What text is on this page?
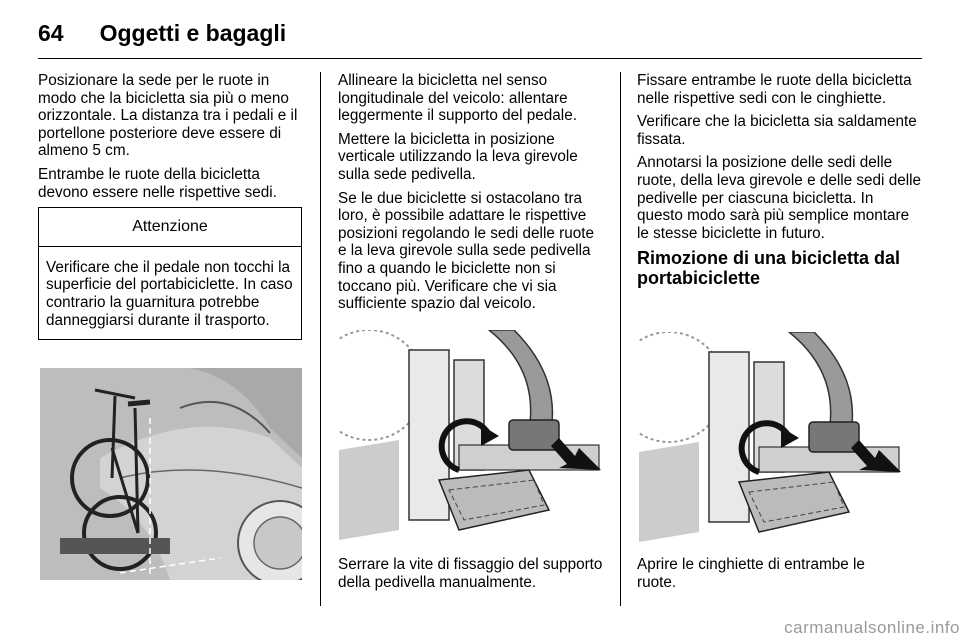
64 Oggetti e bagagli

Posizionare la sede per le ruote in modo che la bicicletta sia più o meno orizzontale. La distanza tra i pedali e il portellone posteriore deve essere di almeno 5 cm.

Entrambe le ruote della bicicletta devono essere nelle rispettive sedi.

Attenzione
Verificare che il pedale non tocchi la superficie del portabiciclette. In caso contrario la guarnitura potrebbe danneggiarsi durante il trasporto.

Allineare la bicicletta nel senso longitudinale del veicolo: allentare leggermente il supporto del pedale.

Mettere la bicicletta in posizione verticale utilizzando la leva girevole sulla sede pedivella.

Se le due biciclette si ostacolano tra loro, è possibile adattare le rispettive posizioni regolando le sedi delle ruote e la leva girevole sulla sede pedivella fino a quando le biciclette non si toccano più. Verificare che vi sia sufficiente spazio dal veicolo.

Serrare la vite di fissaggio del supporto della pedivella manualmente.

Fissare entrambe le ruote della bicicletta nelle rispettive sedi con le cinghiette.

Verificare che la bicicletta sia saldamente fissata.

Annotarsi la posizione delle sedi delle ruote, della leva girevole e delle sedi delle pedivelle per ciascuna bicicletta. In questo modo sarà più semplice montare le stesse biciclette in futuro.

Rimozione di una bicicletta dal portabiciclette

Aprire le cinghiette di entrambe le ruote.

carmanualsonline.info
